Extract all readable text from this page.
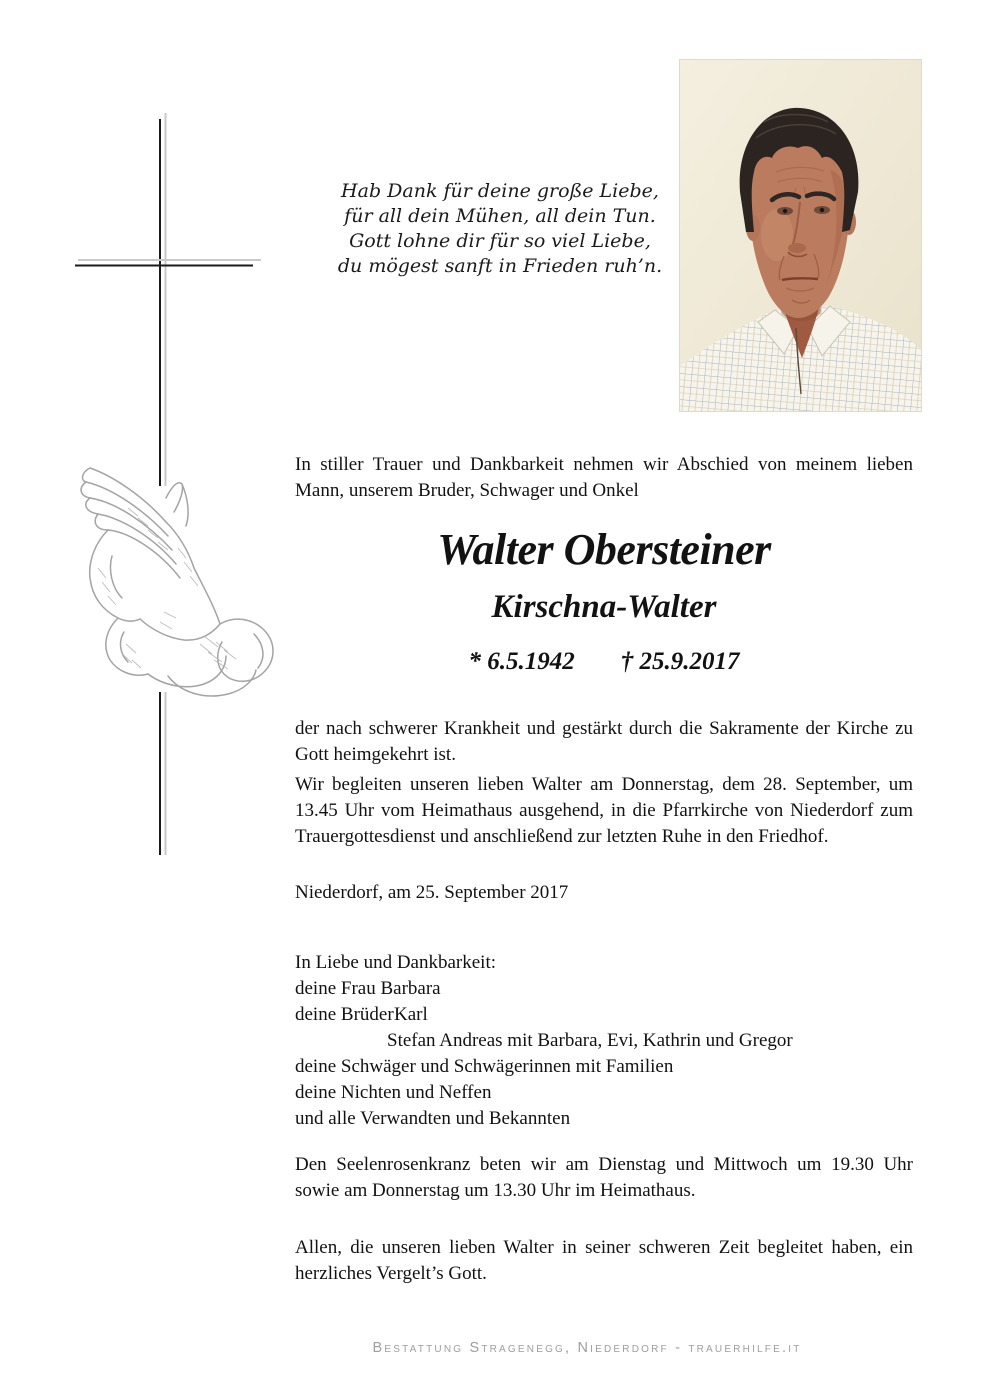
Hab Dank für deine große Liebe,
für all dein Mühen, all dein Tun.
Gott lohne dir für so viel Liebe,
du mögest sanft in Frieden ruh’n.

In stiller Trauer und Dankbarkeit nehmen wir Abschied von meinem lieben Mann, unserem Bruder, Schwager und Onkel

Walter Obersteiner
Kirschna-Walter
* 6.5.1942 † 25.9.2017

der nach schwerer Krankheit und gestärkt durch die Sakramente der Kirche zu Gott heimgekehrt ist.

Wir begleiten unseren lieben Walter am Donnerstag, dem 28. September, um 13.45 Uhr vom Heimathaus ausgehend, in die Pfarrkirche von Niederdorf zum Trauergottesdienst und anschließend zur letzten Ruhe in den Friedhof.

Niederdorf, am 25. September 2017

In Liebe und Dankbarkeit:
deine Frau Barbara
deine BrüderKarl
Stefan Andreas mit Barbara, Evi, Kathrin und Gregor
deine Schwäger und Schwägerinnen mit Familien
deine Nichten und Neffen
und alle Verwandten und Bekannten

Den Seelenrosenkranz beten wir am Dienstag und Mittwoch um 19.30 Uhr sowie am Donnerstag um 13.30 Uhr im Heimathaus.

Allen, die unseren lieben Walter in seiner schweren Zeit begleitet haben, ein herzliches Vergelt’s Gott.

Bestattung Stragenegg, Niederdorf - trauerhilfe.it
